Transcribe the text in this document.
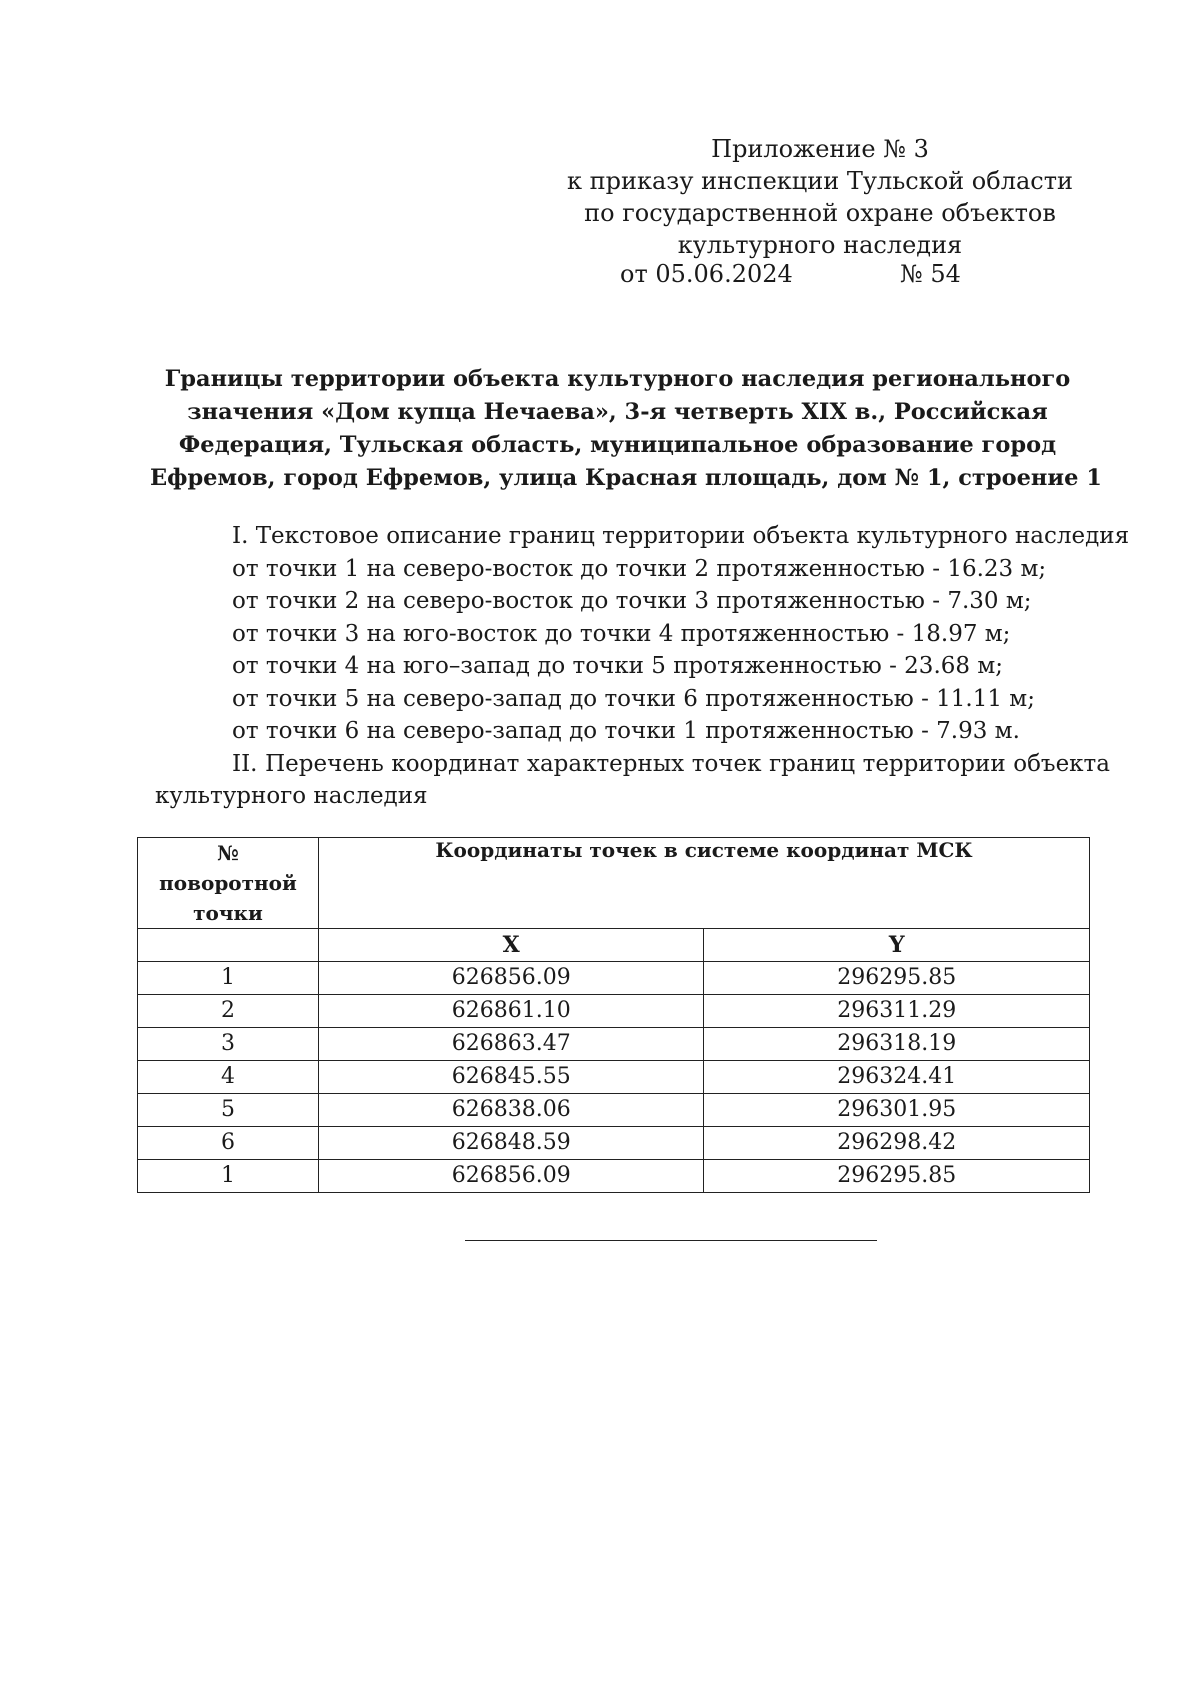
Приложение № 3
к приказу инспекции Тульской области
по государственной охране объектов
культурного наследия
от 05.06.2024	№ 54
Границы территории объекта культурного наследия регионального
значения «Дом купца Нечаева», 3-я четверть XIX в., Российская
Федерация, Тульская область, муниципальное образование город
Ефремов, город Ефремов, улица Красная площадь, дом № 1, строение 1
I. Текстовое описание границ территории объекта культурного наследия
от точки 1 на северо-восток до точки 2 протяженностью - 16.23 м;
от точки 2 на северо-восток до точки 3 протяженностью - 7.30 м;
от точки 3 на юго-восток до точки 4 протяженностью - 18.97 м;
от точки 4 на юго–запад до точки 5 протяженностью - 23.68 м;
от точки 5 на северо-запад до точки 6 протяженностью - 11.11 м;
от точки 6 на северо-запад до точки 1 протяженностью - 7.93 м.
II. Перечень координат характерных точек границ территории объекта культурного наследия
№
поворотной
точки	Координаты точек в системе координат МСК	
	X	Y
1	626856.09	296295.85
2	626861.10	296311.29
3	626863.47	296318.19
4	626845.55	296324.41
5	626838.06	296301.95
6	626848.59	296298.42
1	626856.09	296295.85
